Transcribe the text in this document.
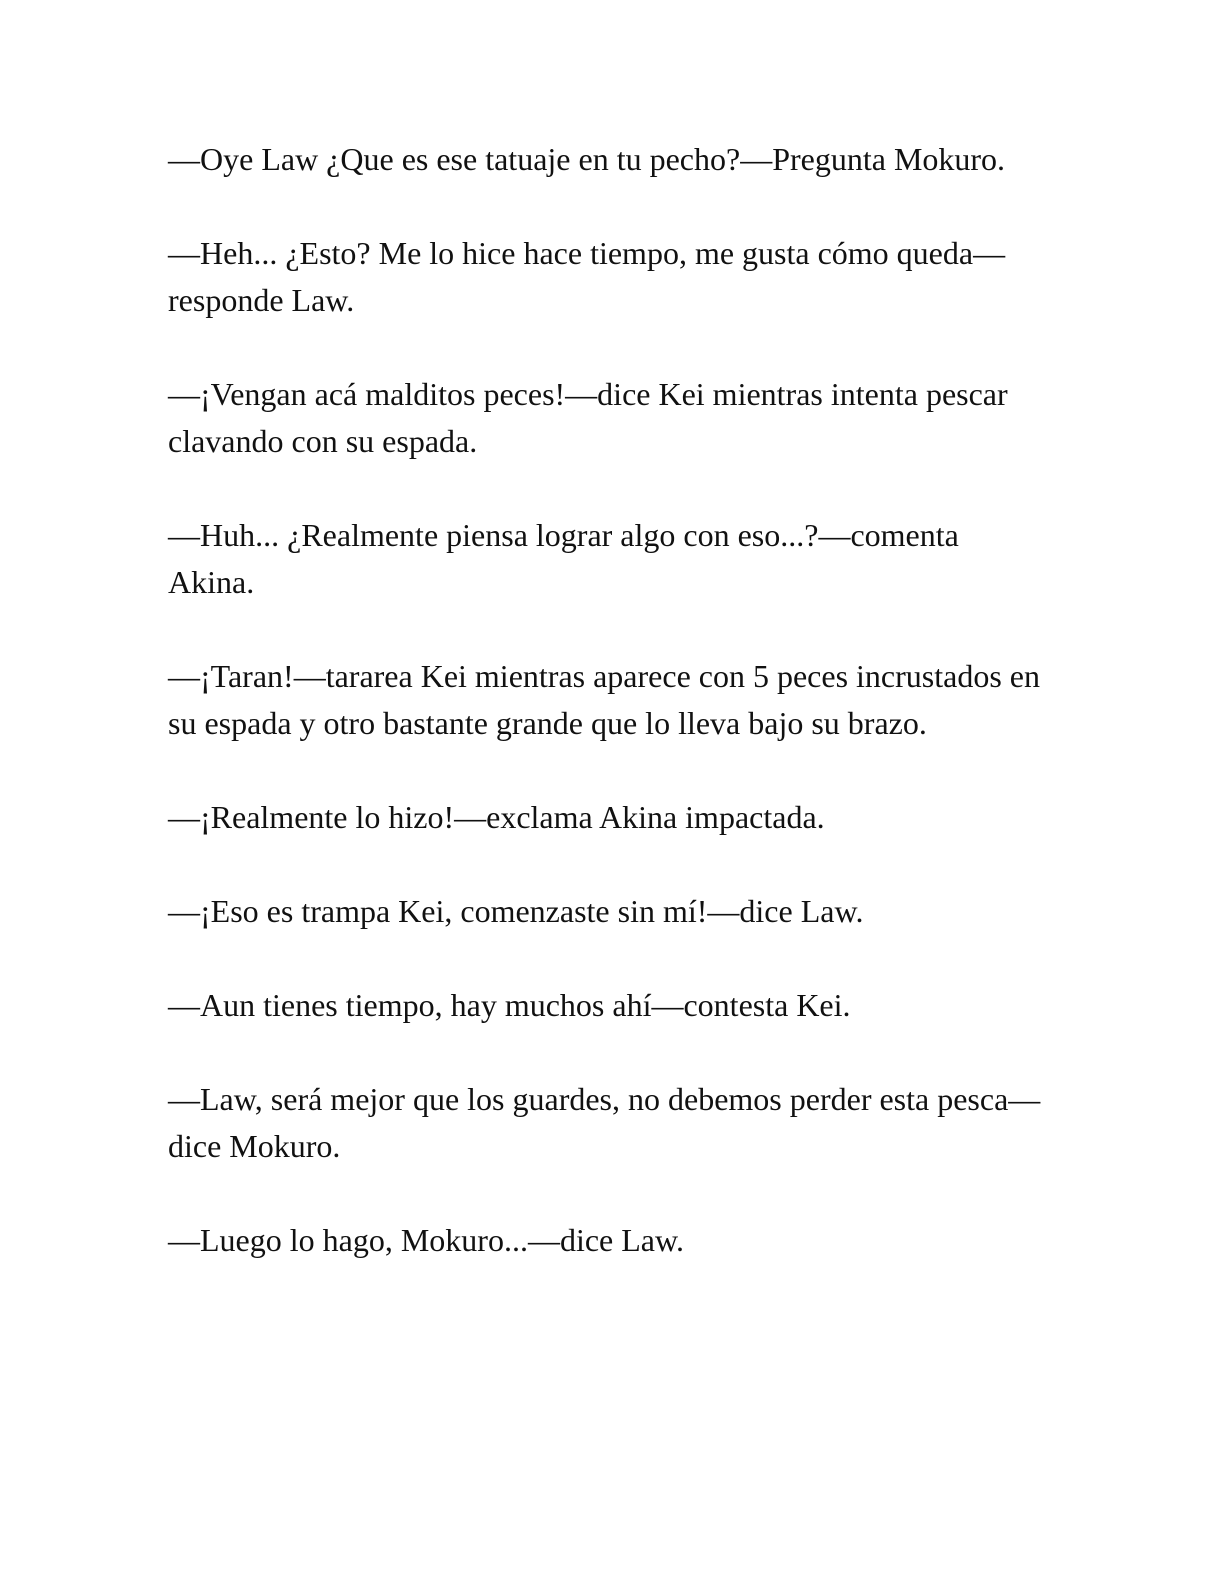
—Oye Law ¿Que es ese tatuaje en tu pecho?—Pregunta Mokuro.

—Heh... ¿Esto? Me lo hice hace tiempo, me gusta cómo queda—responde Law.

—¡Vengan acá malditos peces!—dice Kei mientras intenta pescar clavando con su espada.

—Huh... ¿Realmente piensa lograr algo con eso...?—comenta Akina.

—¡Taran!—tararea Kei mientras aparece con 5 peces incrustados en su espada y otro bastante grande que lo lleva bajo su brazo.

—¡Realmente lo hizo!—exclama Akina impactada.

—¡Eso es trampa Kei, comenzaste sin mí!—dice Law.

—Aun tienes tiempo, hay muchos ahí—contesta Kei.

—Law, será mejor que los guardes, no debemos perder esta pesca—dice Mokuro.

—Luego lo hago, Mokuro...—dice Law.
